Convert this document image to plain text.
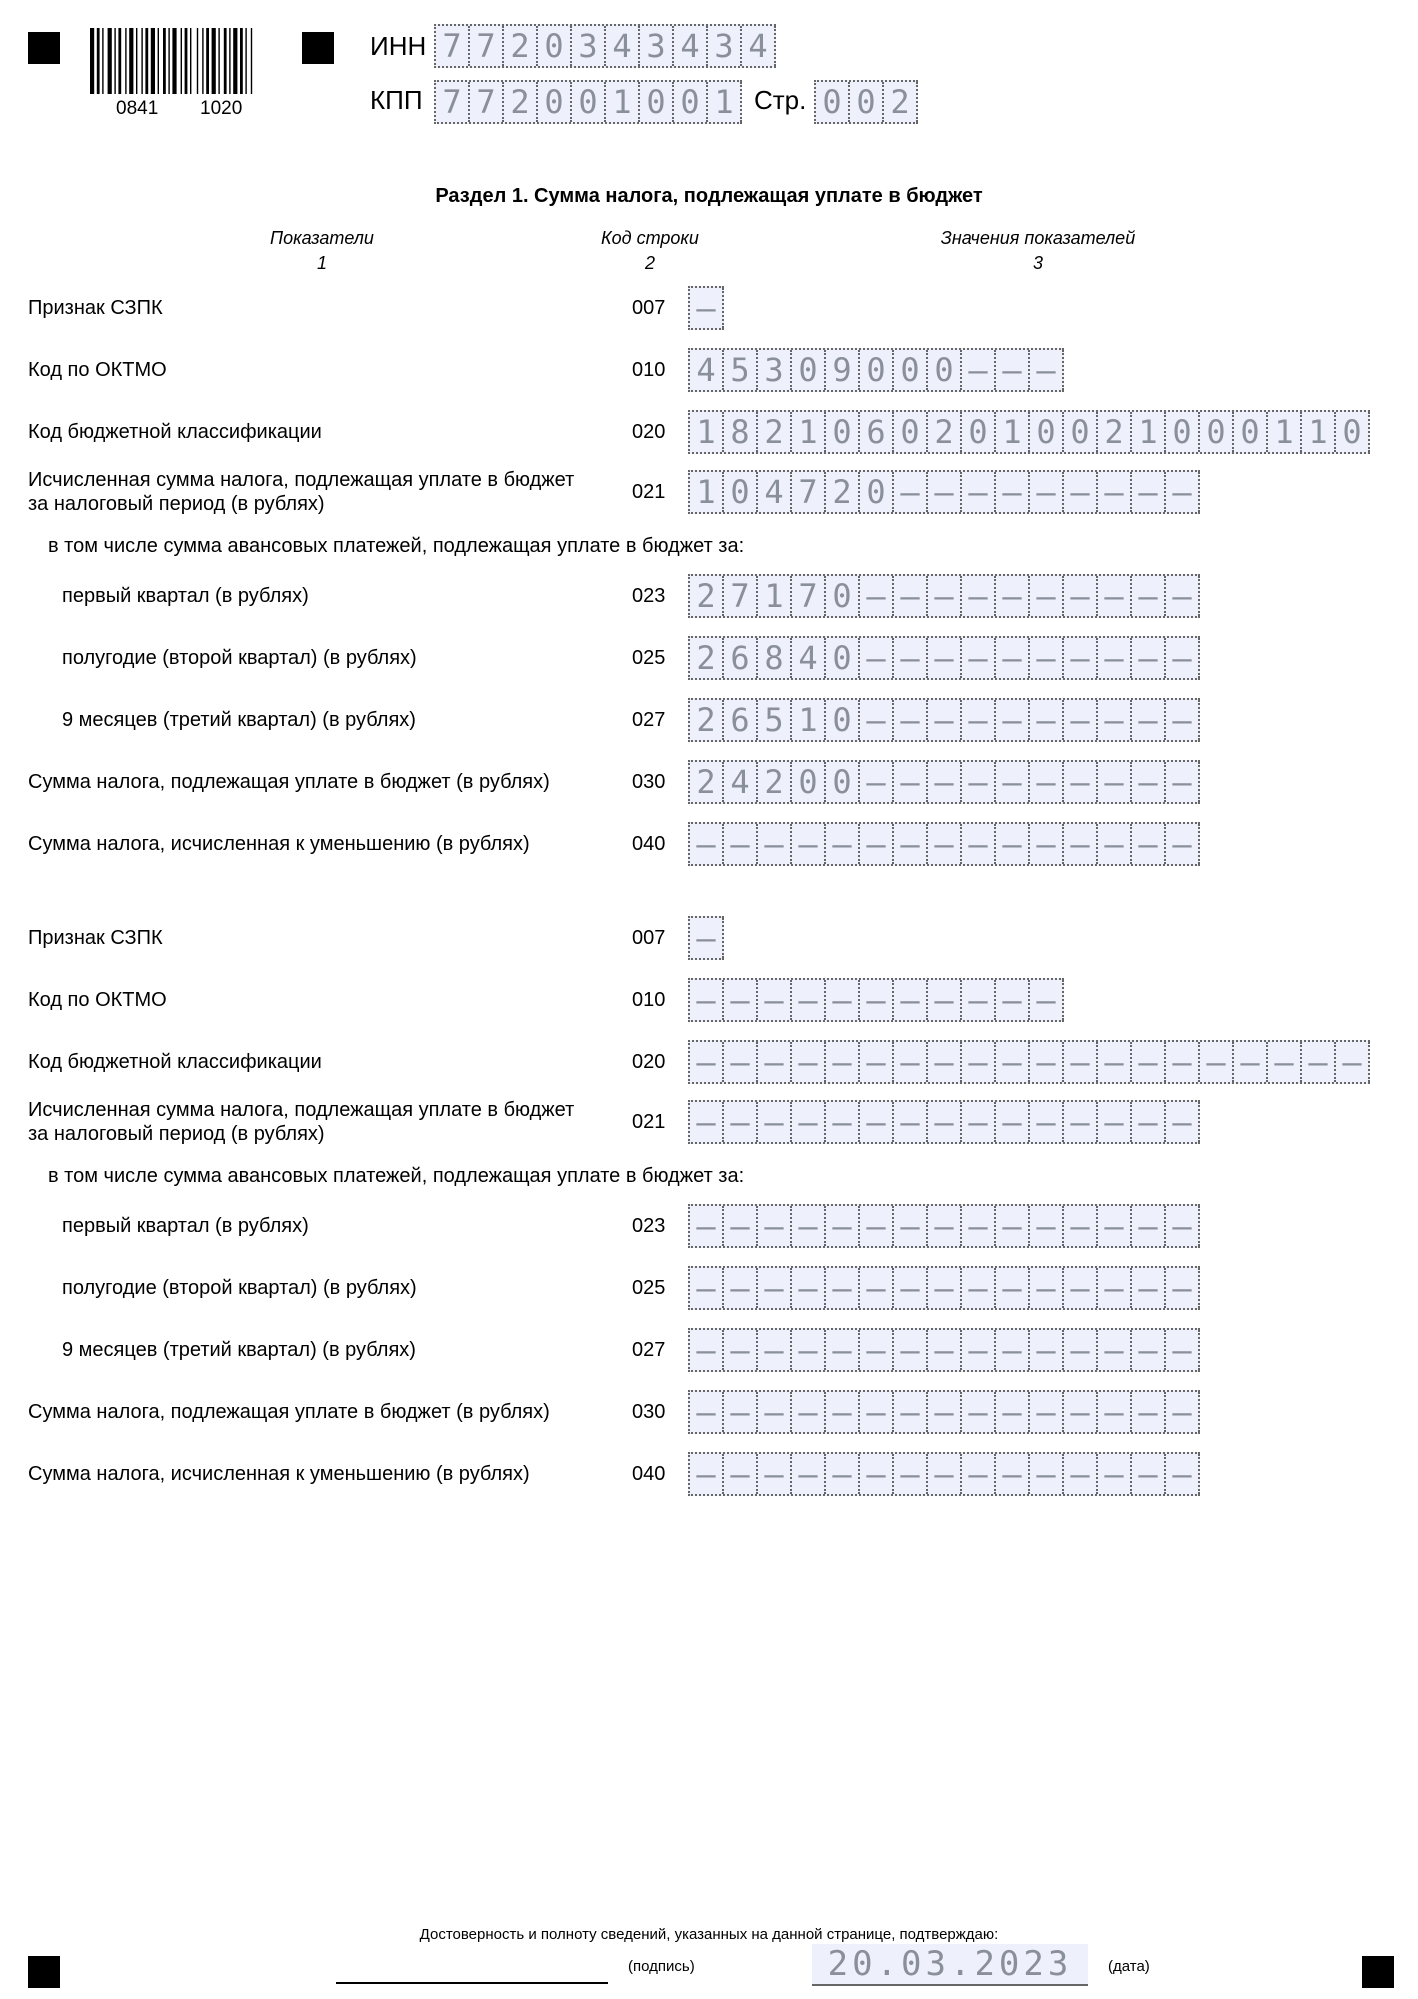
0841 1020
ИНН 7 7 2 0 3 4 3 4 3 4
КПП 7 7 2 0 0 1 0 0 1 Стр. 0 0 2
Раздел 1. Сумма налога, подлежащая уплате в бюджет
Показатели
1
Код строки
2
Значения показателей
3
Признак СЗПК	007 –
Код по ОКТМО	010 4 5 3 0 9 0 0 0 – – –
Код бюджетной классификации	020 1 8 2 1 0 6 0 2 0 1 0 0 2 1 0 0 0 1 1 0
Исчисленная сумма налога, подлежащая уплате в бюджет
за налоговый период (в рублях)
021 1 0 4 7 2 0 – – – – – – – – –
в том числе сумма авансовых платежей, подлежащая уплате в бюджет за:
первый квартал (в рублях)	023 2 7 1 7 0 – – – – – – – – – –
полугодие (второй квартал) (в рублях)	025 2 6 8 4 0 – – – – – – – – – –
9 месяцев (третий квартал) (в рублях)	027 2 6 5 1 0 – – – – – – – – – –
Сумма налога, подлежащая уплате в бюджет (в рублях)	030 2 4 2 0 0 – – – – – – – – – –
Сумма налога, исчисленная к уменьшению (в рублях)	040 – – – – – – – – – – – – – – –
Признак СЗПК	007 –
Код по ОКТМО	010 – – – – – – – – – – –
Код бюджетной классификации	020 – – – – – – – – – – – – – – – – – – – –
Исчисленная сумма налога, подлежащая уплате в бюджет
за налоговый период (в рублях)
021 – – – – – – – – – – – – – – –
в том числе сумма авансовых платежей, подлежащая уплате в бюджет за:
первый квартал (в рублях)	023 – – – – – – – – – – – – – – –
полугодие (второй квартал) (в рублях)	025 – – – – – – – – – – – – – – –
9 месяцев (третий квартал) (в рублях)	027 – – – – – – – – – – – – – – –
Сумма налога, подлежащая уплате в бюджет (в рублях)	030 – – – – – – – – – – – – – – –
Сумма налога, исчисленная к уменьшению (в рублях)	040 – – – – – – – – – – – – – – –
Достоверность и полноту сведений, указанных на данной странице, подтверждаю:
(подпись)	20.03.2023	(дата)
